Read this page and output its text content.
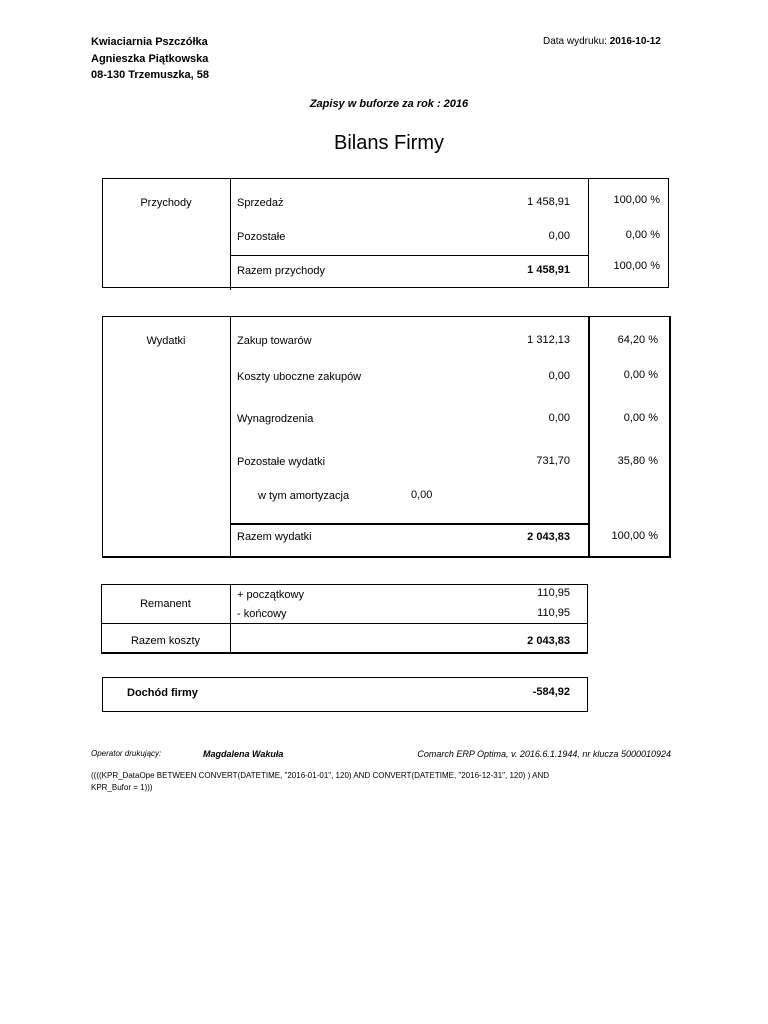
Kwiaciarnia Pszczółka
Agnieszka Piątkowska
08-130 Trzemuszka, 58
Data wydruku: 2016-10-12
Zapisy w buforze za rok : 2016
Bilans Firmy
Przychody	Sprzedaż	1 458,91	100,00 %
Pozostałe	0,00	0,00 %
Razem przychody	1 458,91	100,00 %
Wydatki	Zakup towarów	1 312,13	64,20 %
Koszty uboczne zakupów	0,00	0,00 %
Wynagrodzenia	0,00	0,00 %
Pozostałe wydatki	731,70	35,80 %
w tym amortyzacja	0,00
Razem wydatki	2 043,83	100,00 %
Remanent
+ początkowy	110,95
- końcowy	110,95
Razem koszty	2 043,83
Dochód firmy	-584,92
Operator drukujący:	Magdalena Wakuła	Comarch ERP Optima, v. 2016.6.1.1944, nr klucza 5000010924
((((KPR_DataOpe BETWEEN CONVERT(DATETIME, "2016-01-01", 120) AND CONVERT(DATETIME, "2016-12-31", 120) ) AND
KPR_Bufor = 1)))
